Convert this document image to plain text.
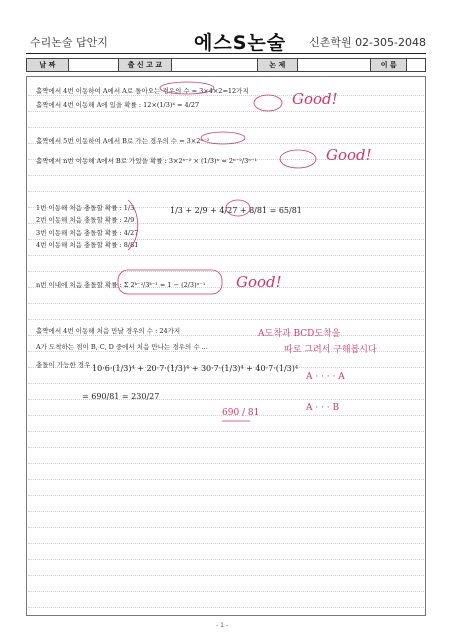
수리논술 답안지	에스S논술 신촌학원 02-305-2048
날 짜	출 신 고 교	논 제	이 름
홀짝에서 4번 이동하여 A에서 A로 돌아오는 경우의 수 = 3×4×2=12가지
홀짝에서 4번 이동해 A에 있을 확률 : 12×(1/3)⁴ = 4/27	Good!
홀짝에서 5번 이동하여 A에서 B로 가는 경우의 수 = 3×2ⁿ⁻²
홀짝에서 n번 이동해 A에서 B로 가있을 확률 : 3×2ⁿ⁻² × (1/3)ⁿ = 2ⁿ⁻²/3ⁿ⁻¹	Good!
1번 이동해 처음 충돌할 확률 : 1/3
2번 이동해 처음 충돌할 확률 : 2/9
3번 이동해 처음 충돌할 확률 : 4/27
4번 이동해 처음 충돌할 확률 : 8/81
1/3 + 2/9 + 4/27 + 8/81 = 65/81
n번 이내에 처음 충돌할 확률 : Σ 2ᵏ⁻²/3ᵏ⁻¹ = 1 − (2/3)ⁿ⁻¹ Good!
홀짝에서 4번 이동해 처음 만날 경우의 수 : 24가지
A가 도착하는 점이 B, C, D 중에서 처음 만나는 경우의 수 ...
충돌이 가능한 경우 10·6·(1/3)⁴ + 20·7·(1/3)⁴ + 30·7·(1/3)⁴ + 40·7·(1/3)⁴
= 690/81 = 230/27
690 / 81
A도착과 BCD도착을
따로 그려서 구해봅시다
A · · · · A
A · · · B
- 1 -
